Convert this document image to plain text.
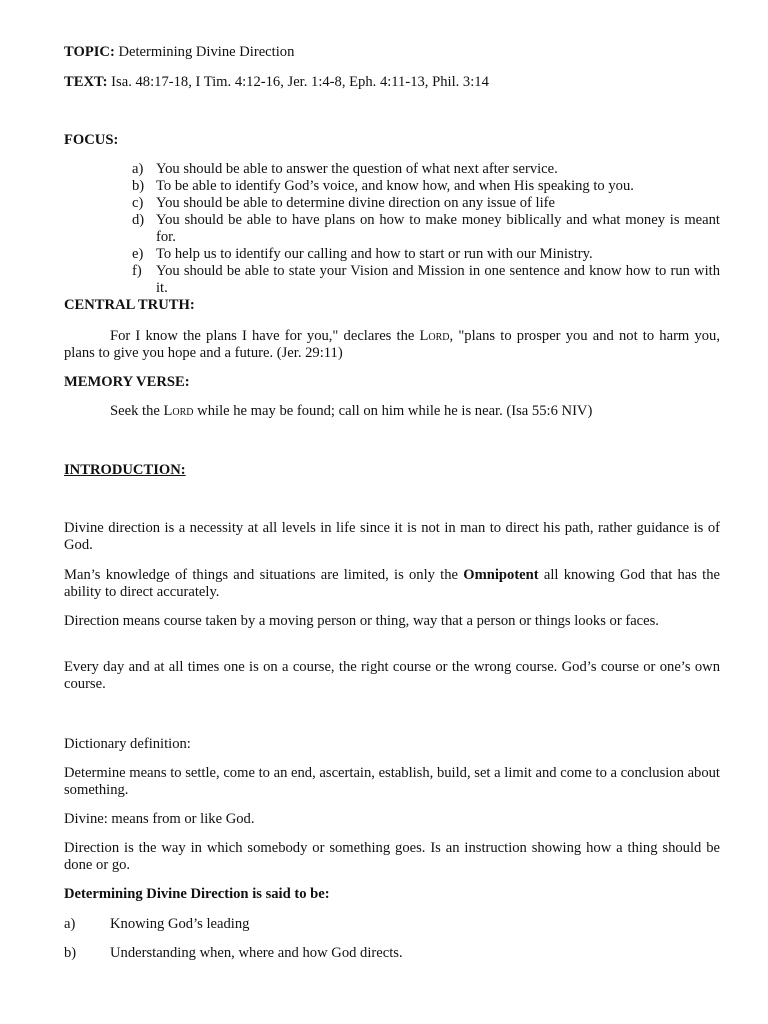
TOPIC: Determining Divine Direction
TEXT: Isa. 48:17-18, I Tim. 4:12-16, Jer. 1:4-8, Eph. 4:11-13, Phil. 3:14
FOCUS:
a) You should be able to answer the question of what next after service.
b) To be able to identify God’s voice, and know how, and when His speaking to you.
c) You should be able to determine divine direction on any issue of life
d) You should be able to have plans on how to make money biblically and what money is meant for.
e) To help us to identify our calling and how to start or run with our Ministry.
f) You should be able to state your Vision and Mission in one sentence and know how to run with it.
CENTRAL TRUTH:
For I know the plans I have for you," declares the Lord, "plans to prosper you and not to harm you, plans to give you hope and a future. (Jer. 29:11)
MEMORY VERSE:
Seek the Lord while he may be found; call on him while he is near. (Isa 55:6 NIV)
INTRODUCTION:
Divine direction is a necessity at all levels in life since it is not in man to direct his path, rather guidance is of God.
Man’s knowledge of things and situations are limited, is only the Omnipotent all knowing God that has the ability to direct accurately.
Direction means course taken by a moving person or thing, way that a person or things looks or faces.
Every day and at all times one is on a course, the right course or the wrong course. God’s course or one’s own course.
Dictionary definition:
Determine means to settle, come to an end, ascertain, establish, build, set a limit and come to a conclusion about something.
Divine: means from or like God.
Direction is the way in which somebody or something goes. Is an instruction showing how a thing should be done or go.
Determining Divine Direction is said to be:
a) Knowing God’s leading
b) Understanding when, where and how God directs.
